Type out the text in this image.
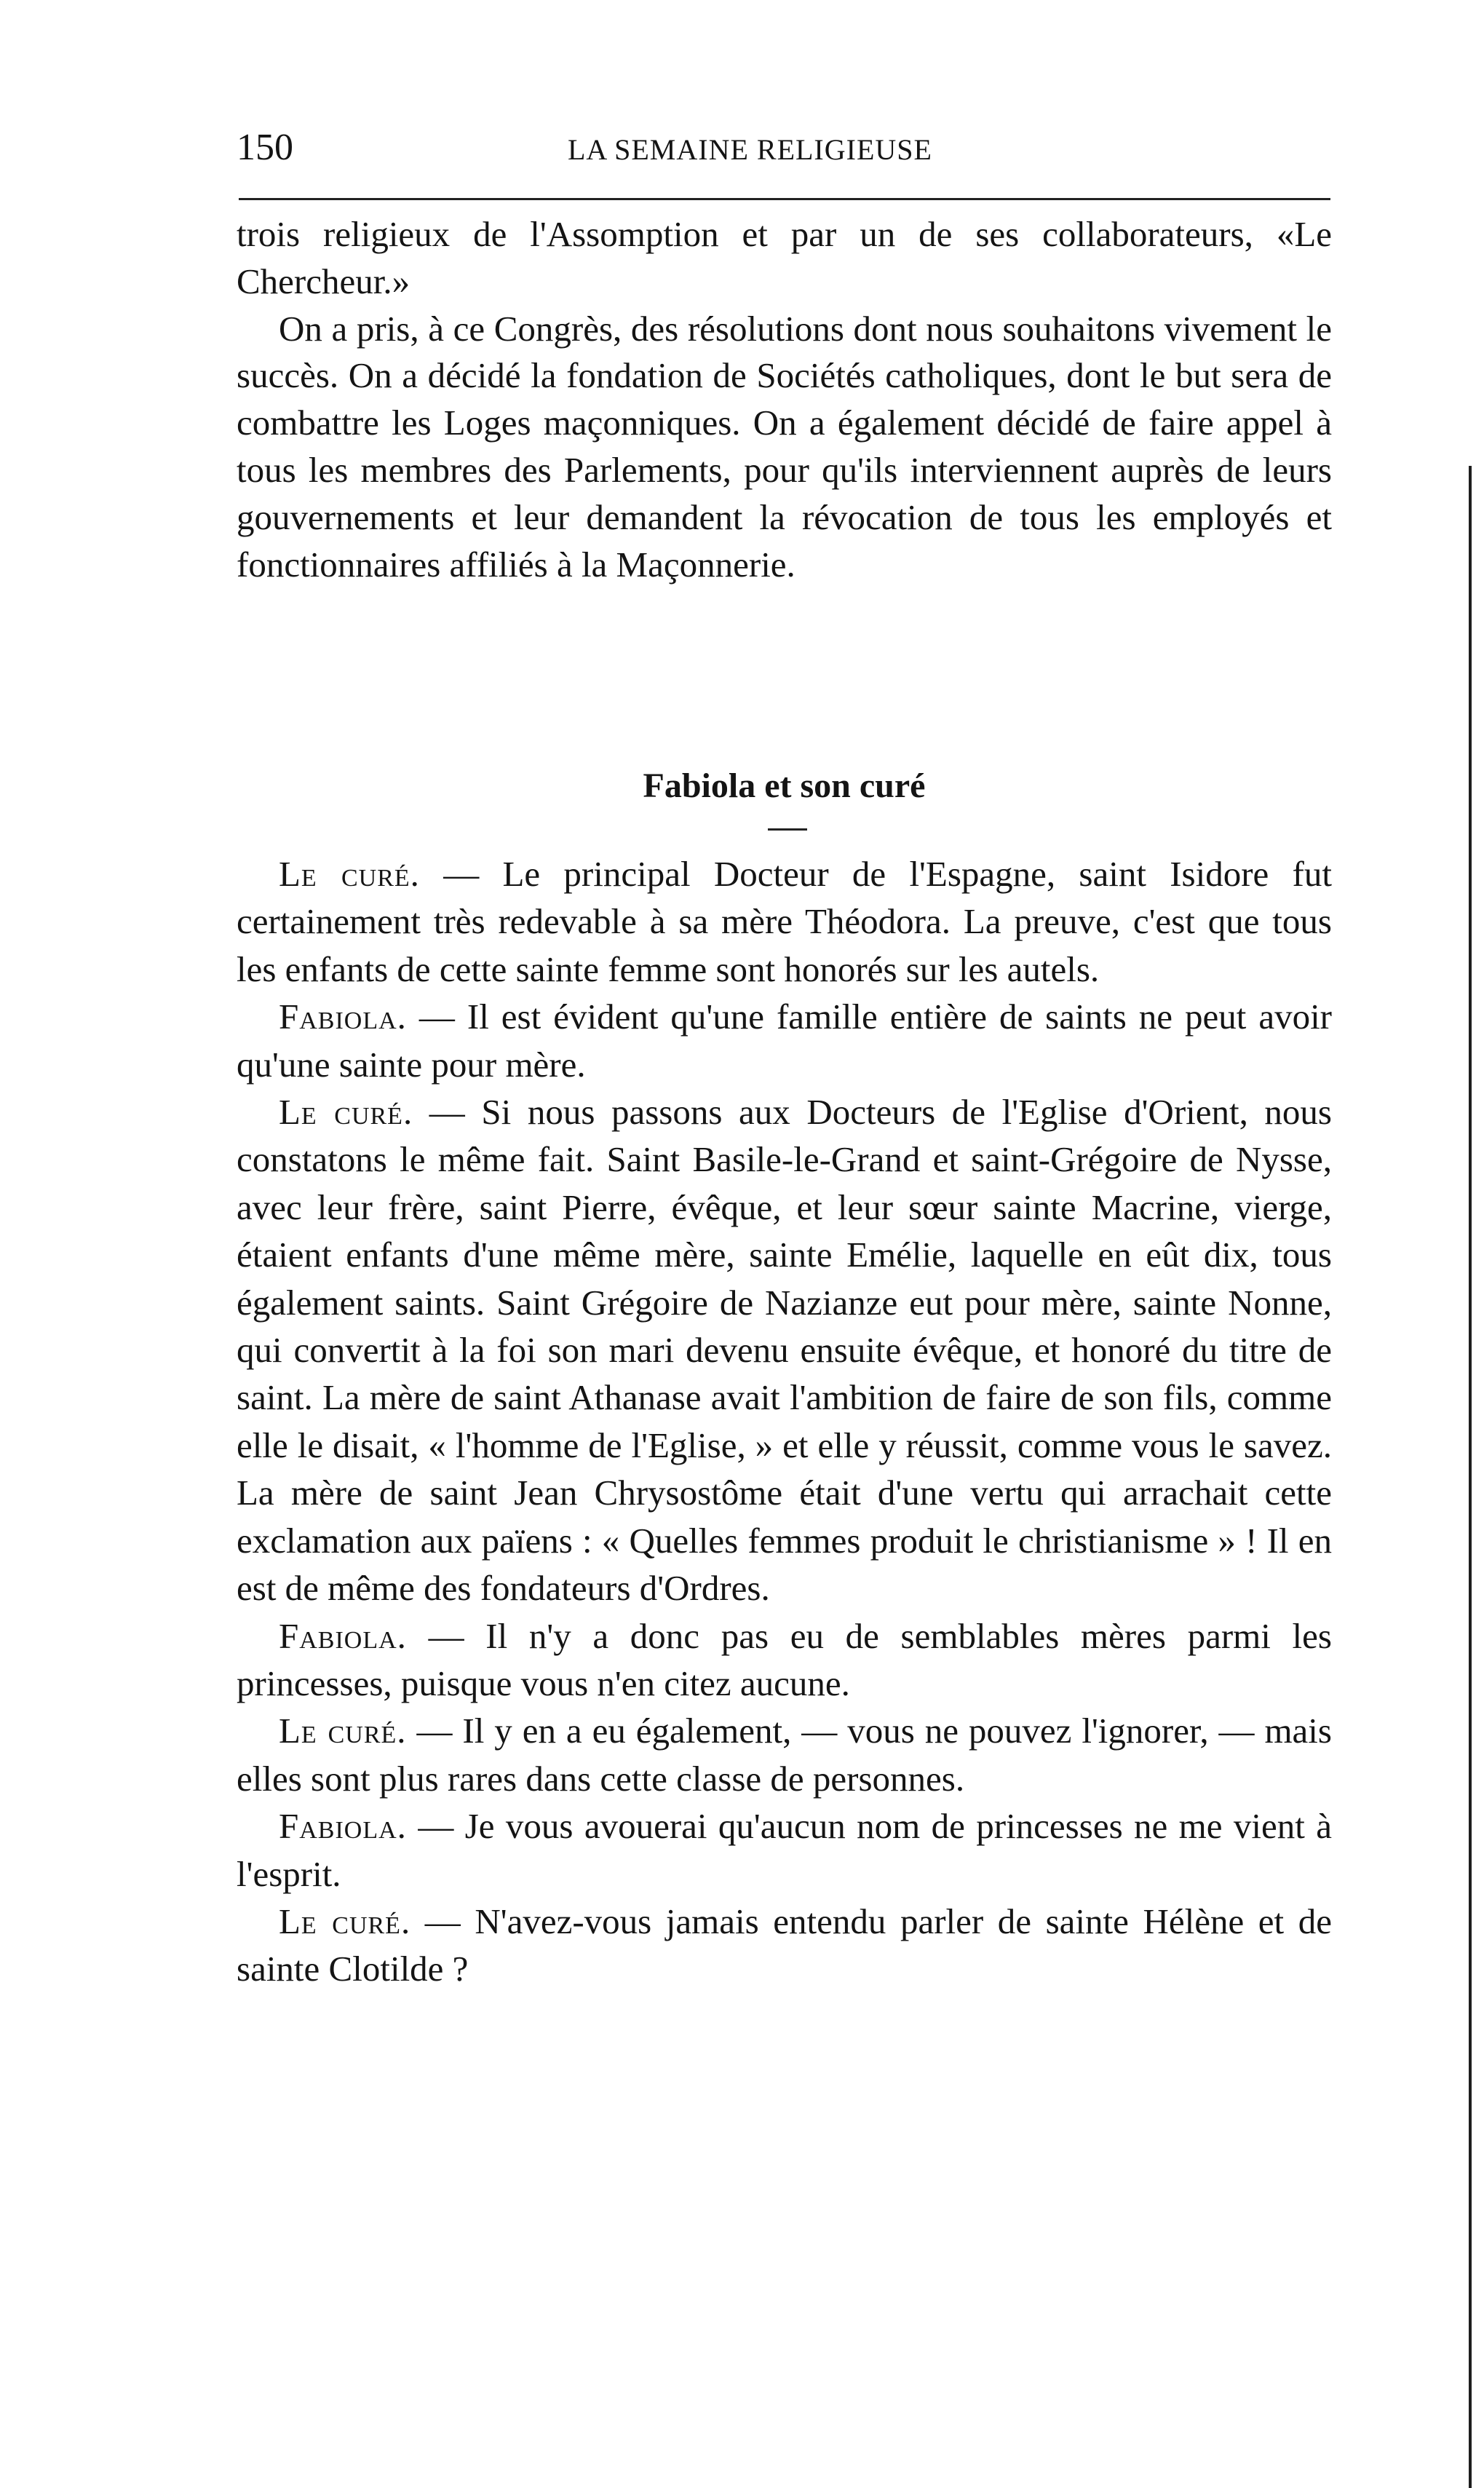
150	LA SEMAINE RELIGIEUSE

trois religieux de l'Assomption et par un de ses collaborateurs, «Le Chercheur.»

On a pris, à ce Congrès, des résolutions dont nous souhaitons vivement le succès. On a décidé la fondation de Sociétés catholiques, dont le but sera de combattre les Loges maçonniques. On a également décidé de faire appel à tous les membres des Parlements, pour qu'ils interviennent auprès de leurs gouvernements et leur demandent la révocation de tous les employés et fonctionnaires affiliés à la Maçonnerie.

Fabiola et son curé

Le curé. — Le principal Docteur de l'Espagne, saint Isidore fut certainement très redevable à sa mère Théodora. La preuve, c'est que tous les enfants de cette sainte femme sont honorés sur les autels.

Fabiola. — Il est évident qu'une famille entière de saints ne peut avoir qu'une sainte pour mère.

Le curé. — Si nous passons aux Docteurs de l'Eglise d'Orient, nous constatons le même fait. Saint Basile-le-Grand et saint-Grégoire de Nysse, avec leur frère, saint Pierre, évêque, et leur sœur sainte Macrine, vierge, étaient enfants d'une même mère, sainte Emélie, laquelle en eût dix, tous également saints. Saint Grégoire de Nazianze eut pour mère, sainte Nonne, qui convertit à la foi son mari devenu ensuite évêque, et honoré du titre de saint. La mère de saint Athanase avait l'ambition de faire de son fils, comme elle le disait, « l'homme de l'Eglise, » et elle y réussit, comme vous le savez. La mère de saint Jean Chrysostôme était d'une vertu qui arrachait cette exclamation aux païens : « Quelles femmes produit le christianisme » ! Il en est de même des fondateurs d'Ordres.

Fabiola. — Il n'y a donc pas eu de semblables mères parmi les princesses, puisque vous n'en citez aucune.

Le curé. — Il y en a eu également, — vous ne pouvez l'ignorer, — mais elles sont plus rares dans cette classe de personnes.

Fabiola. — Je vous avouerai qu'aucun nom de princesses ne me vient à l'esprit.

Le curé. — N'avez-vous jamais entendu parler de sainte Hélène et de sainte Clotilde ?
